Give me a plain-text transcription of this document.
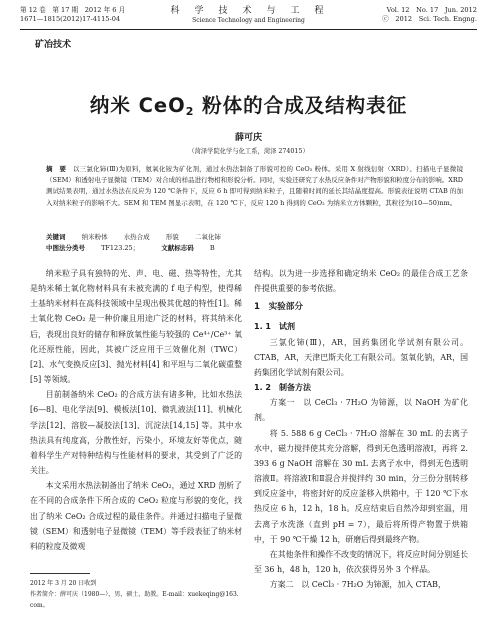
第 12 卷　第 17 期　2012 年 6 月
1671—1815(2012)17-4115-04
科　学　技　术　与　工　程
Science Technology and Engineering
Vol. 12　No. 17　Jun. 2012
ⓒ　2012　Sci. Tech. Engng.
矿冶技术
纳米 CeO$_2$ 粉体的合成及结构表征
薛可庆
（菏泽学院化学与化工系，菏泽 274015）
摘　要　 以三氯化铈(Ⅲ)为原料，氨氧化铵为矿化剂，通过水热法制备了形貌可控的 CeO₂ 粉体。采用 X 射线衍射（XRD）、扫描电子显微镜（SEM）和透射电子显微镜（TEM）对合成的样品进行物相和形貌分析。同时，实验还研究了水热反应条件对产物形貌和粒度分布的影响。XRD 测试结果表明，通过水热法在反应为 120 ℃条件下，反应 6 h 即可得到纳米粒子，且随着时间的延长其结晶度提高。形貌表征说明 CTAB 的加入对纳米粒子的影响不大。SEM 和 TEM 图显示表明，在 120 ℃下，反应 120 h 得到的 CeO₂ 为纳米立方体颗粒，其粒径为(10—50)nm。
关键词 纳米粉体 水热合成 形貌 二氧化铈
中图法分类号 TF123.25；	文献标志码 B

纳米粒子具有独特的光、声、电、磁、热等特性，尤其是纳米稀土氧化物材料具有未被充满的 f 电子构型，使得稀土基纳米材料在高科技领域中呈现出极其优越的特性[1]。稀土氧化物 CeO₂ 是一种价廉且用途广泛的材料，将其纳米化后，表现出良好的储存和释放氧性能与较强的 Ce⁴⁺/Ce³⁺ 氧化还原性能，因此，其被广泛应用于三效催化剂（TWC）[2]、水气变换反应[3]、抛光材料[4] 和平坦与二氧化碳重整[5] 等领域。

目前制备纳米 CeO₂ 的合成方法有诸多种，比如水热法[6—8]、电化学法[9]、模板法[10]、微乳液法[11]、机械化学法[12]、溶胶—凝胶法[13]、沉淀法[14,15] 等。其中水热法具有纯度高，分散性好，污染小，环境友好等优点，随着科学生产对特种结构与性能材料的要求，其受到了广泛的关注。

本文采用水热法制备出了纳米 CeO₂，通过 XRD 剖析了在不同的合成条件下所合成的 CeO₂ 粒度与形貌的变化，找出了纳米 CeO₂ 合成过程的最佳条件。并通过扫描电子显微镜（SEM）和透射电子显微镜（TEM）等手段表征了纳米材料的粒度及微观

结构。以为进一步选择和确定纳米 CeO₂ 的最佳合成工艺条件提供重要的参考依据。

1　实验部分
1. 1　试剂

三氯化铈(Ⅲ)，AR，国药集团化学试剂有限公司。CTAB，AR，天津巴斯夫化工有限公司。氢氧化钠，AR，国药集团化学试剂有限公司。

1. 2　制备方法

方案一　以 CeCl₃ · 7H₂O 为铈源，以 NaOH 为矿化剂。

将 5. 588 6 g CeCl₃ · 7H₂O 溶解在 30 mL 的去离子水中，磁力搅拌使其充分溶解，得到无色透明溶液Ⅰ，再将 2. 393 6 g NaOH 溶解在 30 mL 去离子水中，得到无色透明溶液Ⅱ。将溶液Ⅰ和Ⅱ混合并搅拌约 30 min，分三份分别转移到反应釜中，将密封好的反应釜移入烘箱中，于 120 ℃下水热反应 6 h，12 h，18 h。反应结束后自然冷却到室温，用去离子水洗涤（直到 pH = 7），最后将所得产物置于烘箱中，于 90 ℃干燥 12 h，研磨后得到最终产物。

在其他条件和操作不改变的情况下，将反应时间分别延长至 36 h，48 h，120 h，依次获得另外 3 个样品。

方案二　以 CeCl₃ · 7H₂O 为铈源，加入 CTAB，

2012 年 3 月 20 日收到
作者简介：薛可庆（1980—），男，硕士，助教。E-mail：xuekeqing@163. com。
